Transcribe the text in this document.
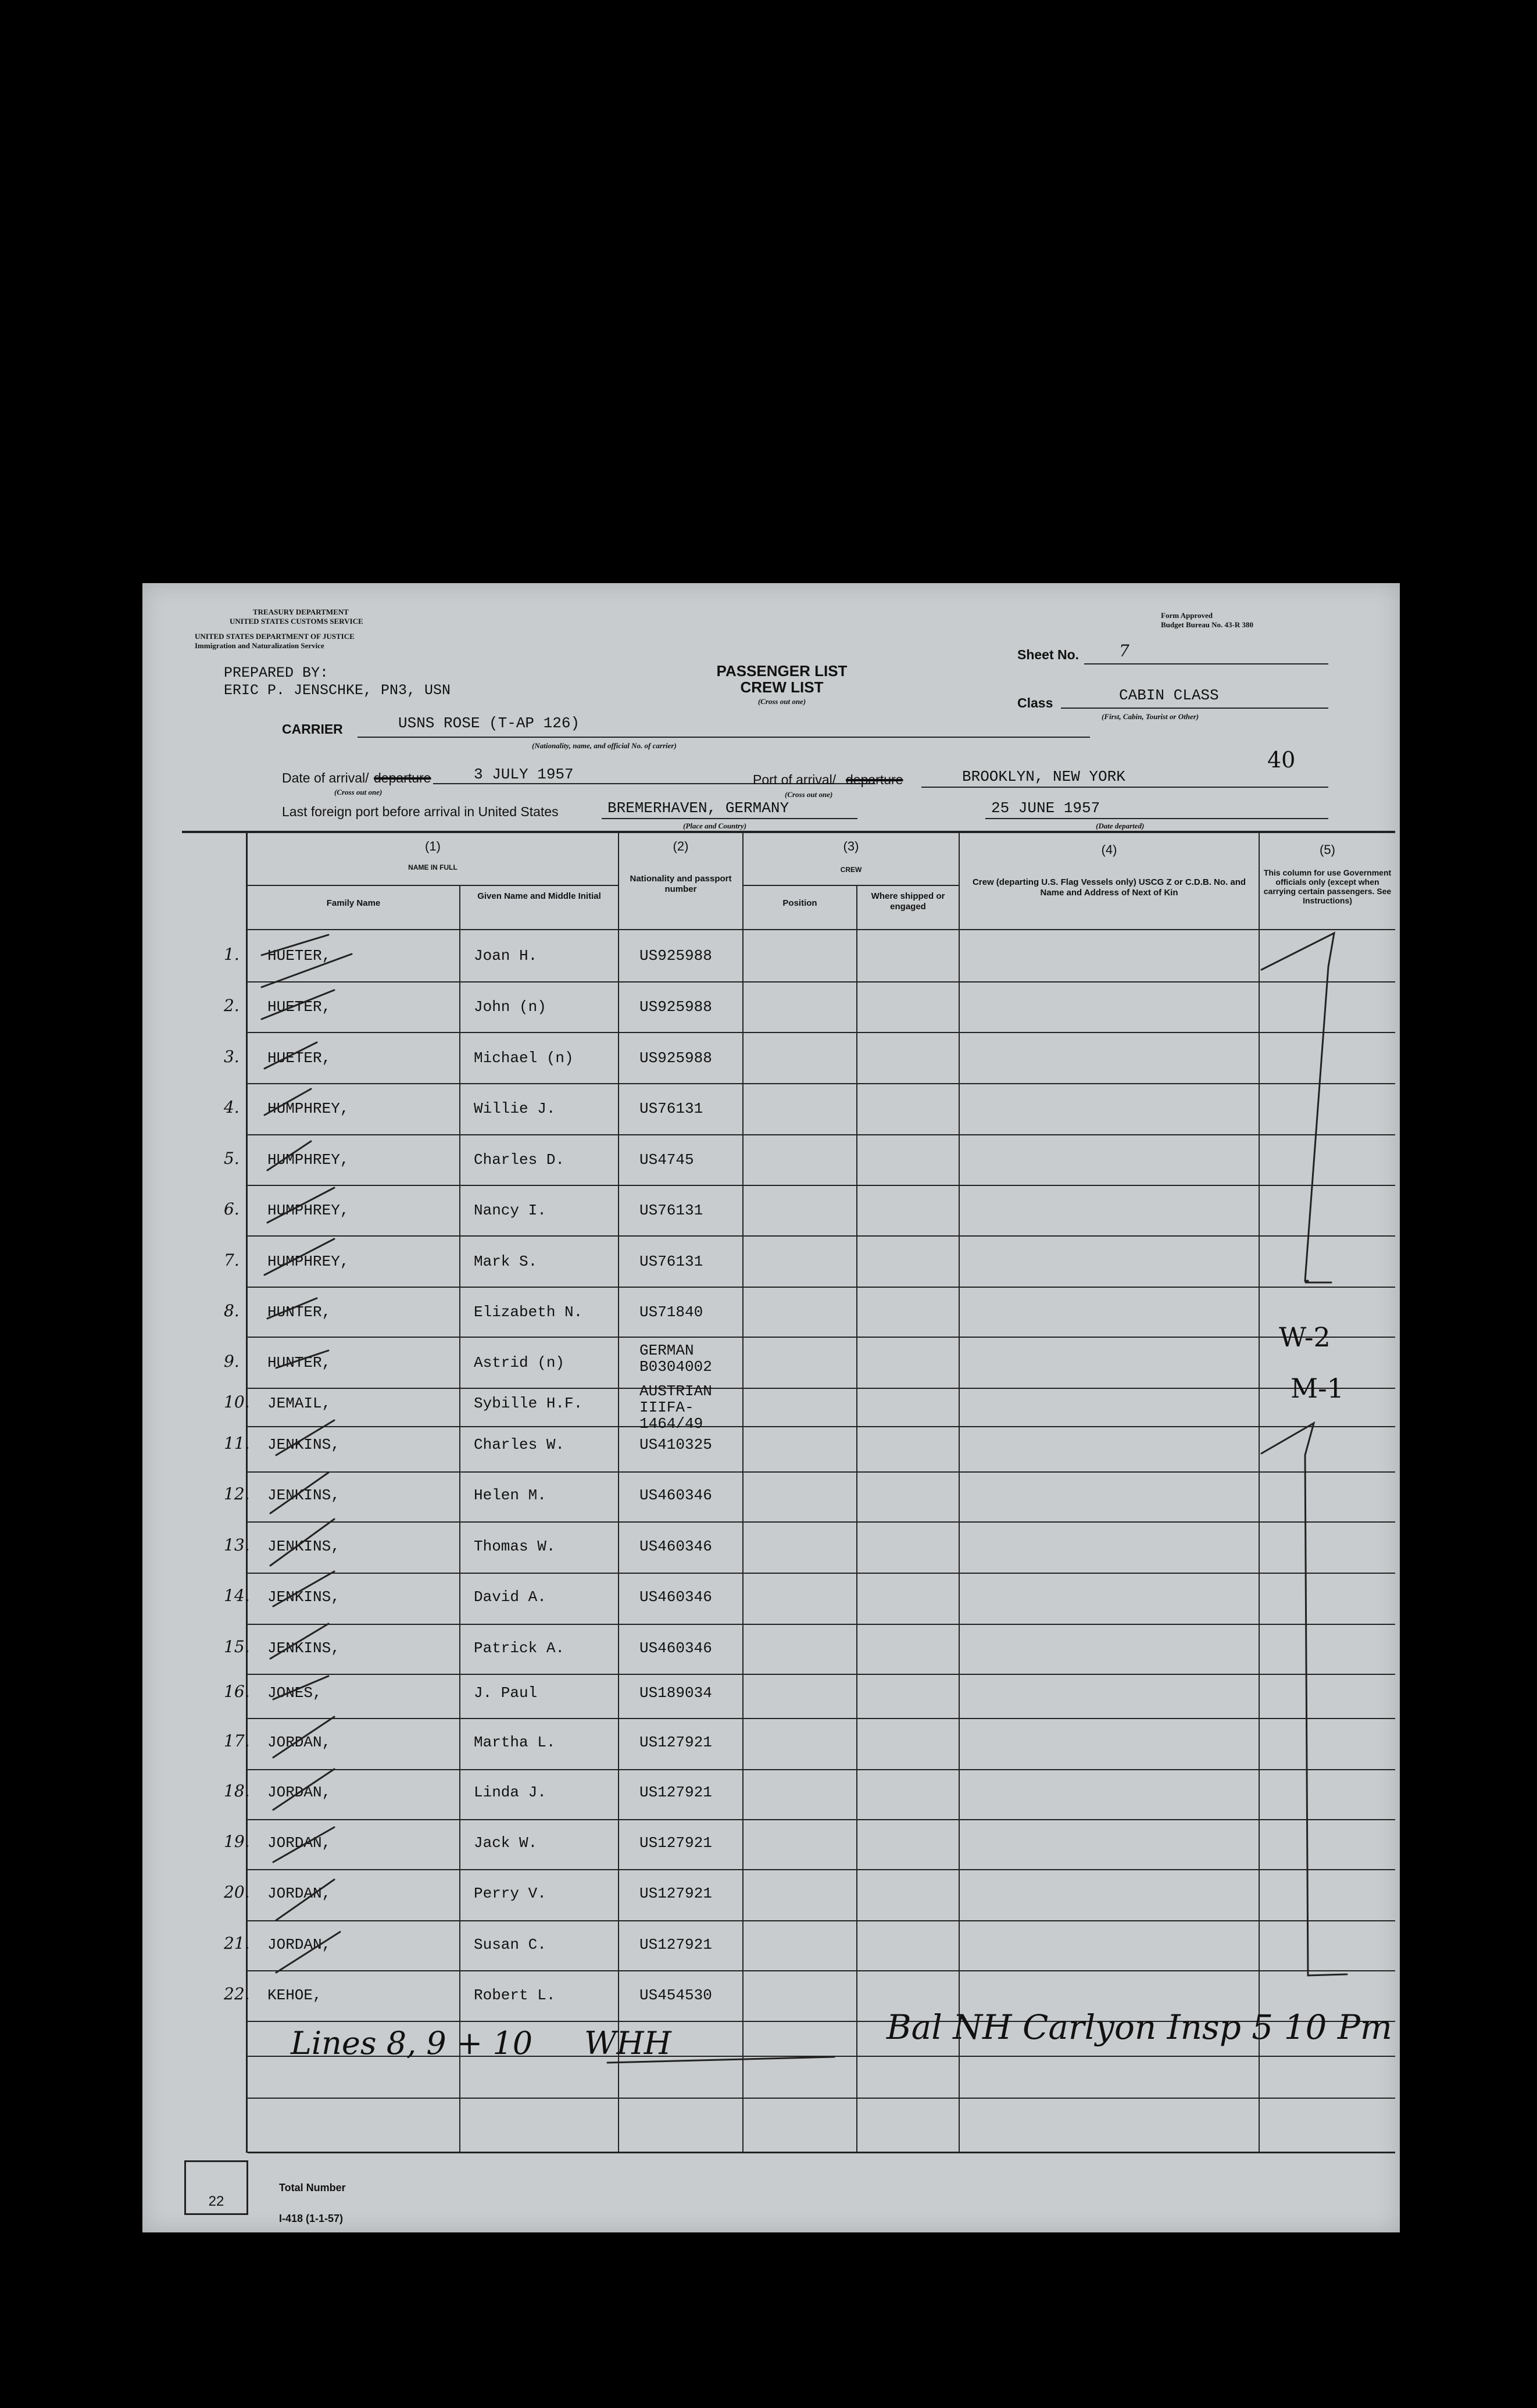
TREASURY DEPARTMENT
UNITED STATES CUSTOMS SERVICE
UNITED STATES DEPARTMENT OF JUSTICE
Immigration and Naturalization Service
Form Approved
Budget Bureau No. 43-R 380
PREPARED BY:
ERIC P. JENSCHKE, PN3, USN
PASSENGER LIST
CREW LIST
(Cross out one)
Sheet No. 7
Class	CABIN CLASS
(First, Cabin, Tourist or Other)
CARRIER	USNS ROSE (T-AP 126)
(Nationality, name, and official No. of carrier)
40
Date of arrival/ departure
(Cross out one)
3 JULY 1957	Port of arrival/ departure
(Cross out one)
BROOKLYN, NEW YORK
Last foreign port before arrival in United States	BREMERHAVEN, GERMANY
(Place and Country)
25 JUNE 1957
(Date departed)
(1)
NAME IN FULL
Family Name
Given Name and Middle Initial
(2)
Nationality and passport number
(3)
CREW
Position
Where shipped or engaged
(4)
Crew (departing U.S. Flag Vessels only) USCG Z or C.D.B. No. and Name and Address of Next of Kin
(5)
This column for use Government officials only (except when carrying certain passengers. See Instructions)
1. HUETER,	Joan H.	US925988
2. HUETER,	John (n)	US925988
3. HUETER,	Michael (n)	US925988
4. HUMPHREY,	Willie J.	US76131
5. HUMPHREY,	Charles D.	US4745
6. HUMPHREY,	Nancy I.	US76131
7. HUMPHREY,	Mark S.	US76131
8. HUNTER,	Elizabeth N.	US71840
9. HUNTER,	Astrid (n)
GERMAN B0304002
10. JEMAIL,	Sybille H.F.
AUSTRIAN IIIFA-1464/49
11. JENKINS,	Charles W.	US410325
12. JENKINS,	Helen M.	US460346
13. JENKINS,	Thomas W.	US460346
14. JENKINS,	David A.	US460346
15. JENKINS,	Patrick A.	US460346
16. JONES,	J. Paul	US189034
17. JORDAN,	Martha L.	US127921
18. JORDAN,	Linda J.	US127921
19. JORDAN,	Jack W.	US127921
20. JORDAN,	Perry V.	US127921
21. JORDAN,	Susan C.	US127921
22. KEHOE,	Robert L.	US454530
W-2
M-1
Lines 8, 9 + 10 WHH	Bal NH Carlyon Insp 5 10 Pm
22
Total Number
I-418 (1-1-57)
